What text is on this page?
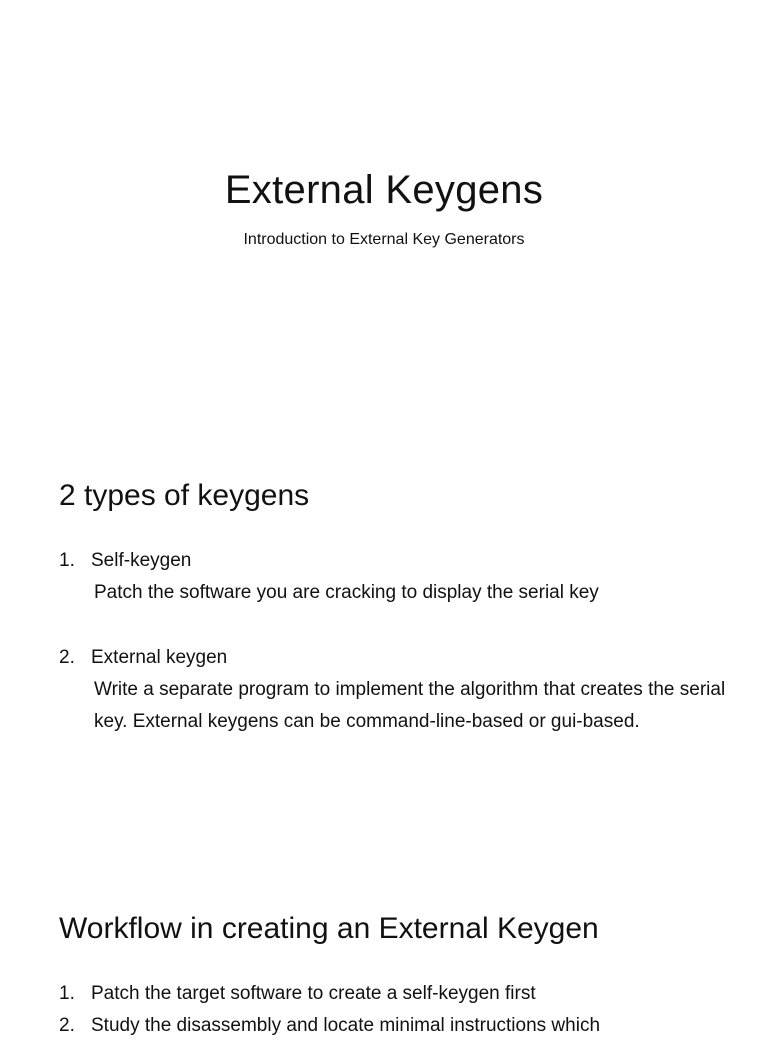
External Keygens

Introduction to External Key Generators

2 types of keygens
1. Self-keygen

Patch the software you are cracking to display the serial key

2. External keygen

Write a separate program to implement the algorithm that creates the serial key. External keygens can be command-line-based or gui-based.

Workflow in creating an External Keygen
1. Patch the target software to create a self-keygen first
2. Study the disassembly and locate minimal instructions which
